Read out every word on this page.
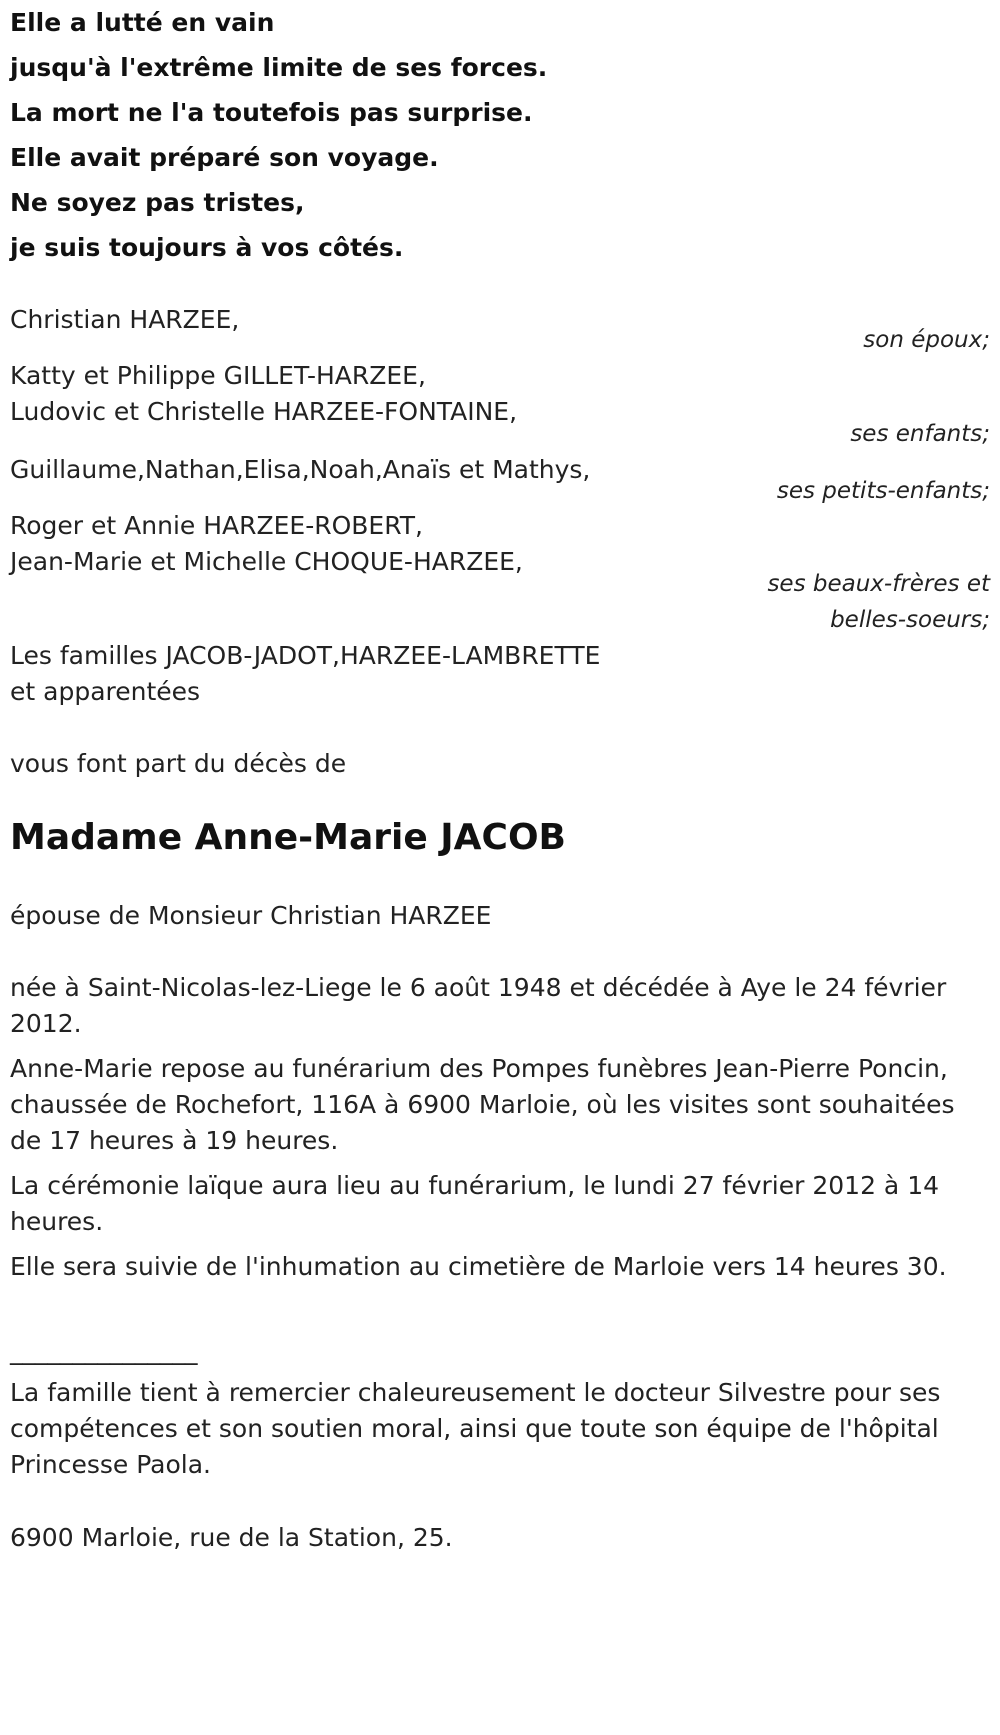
Elle a lutté en vain
jusqu'à l'extrême limite de ses forces.
La mort ne l'a toutefois pas surprise.
Elle avait préparé son voyage.
Ne soyez pas tristes,
je suis toujours à vos côtés.
Christian HARZEE,
son époux;
Katty et Philippe GILLET-HARZEE,
Ludovic et Christelle HARZEE-FONTAINE,
ses enfants;
Guillaume,Nathan,Elisa,Noah,Anaïs et Mathys,
ses petits-enfants;
Roger et Annie HARZEE-ROBERT,
Jean-Marie et Michelle CHOQUE-HARZEE,
ses beaux-frères et
belles-soeurs;
Les familles JACOB-JADOT,HARZEE-LAMBRETTE
et apparentées
vous font part du décès de
Madame Anne-Marie JACOB
épouse de Monsieur Christian HARZEE
née à Saint-Nicolas-lez-Liege le 6 août 1948 et décédée à Aye le 24 février 2012.
Anne-Marie repose au funérarium des Pompes funèbres Jean-Pierre Poncin, chaussée de Rochefort, 116A à 6900 Marloie, où les visites sont souhaitées de 17 heures à 19 heures.
La cérémonie laïque aura lieu au funérarium, le lundi 27 février 2012 à 14 heures.
Elle sera suivie de l'inhumation au cimetière de Marloie vers 14 heures 30.
_______________
La famille tient à remercier chaleureusement le docteur Silvestre pour ses compétences et son soutien moral, ainsi que toute son équipe de l'hôpital Princesse Paola.
6900 Marloie, rue de la Station, 25.
